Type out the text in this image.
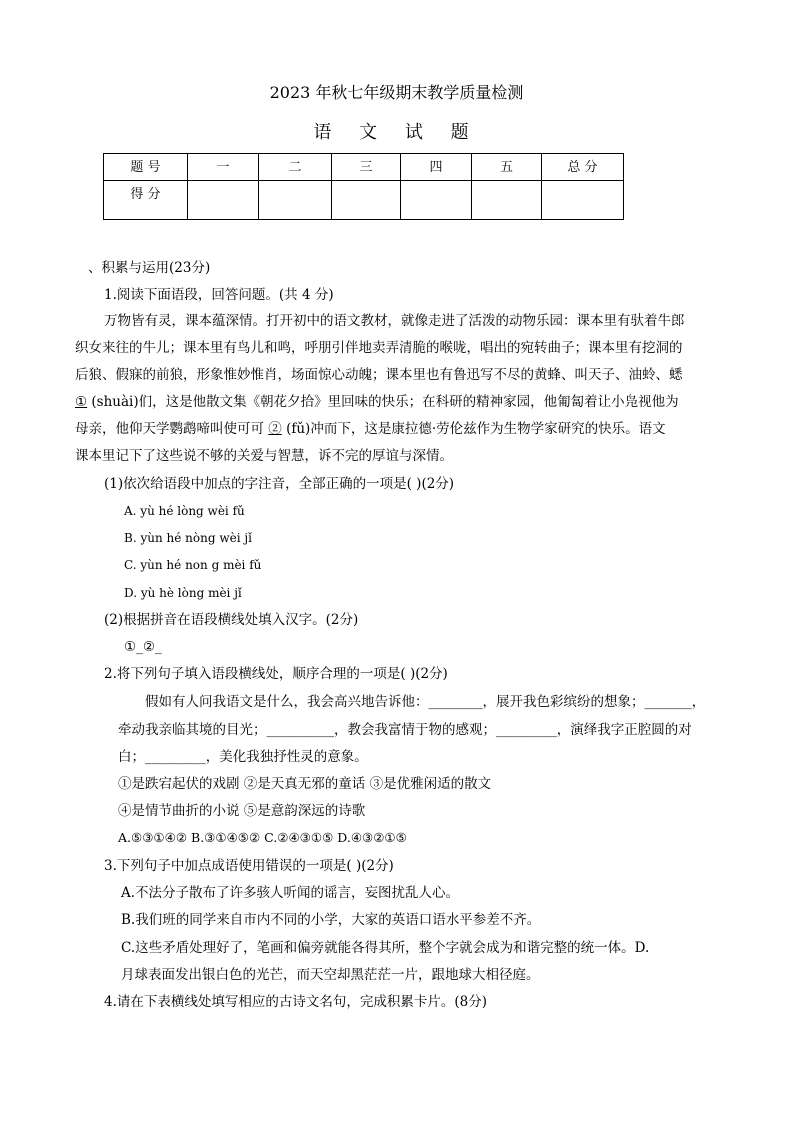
2023 年秋七年级期末教学质量检测
语 文 试 题
题 号	一	二	三	四	五	总 分
得 分						
、积累与运用(23分)
1.阅读下面语段，回答问题。(共 4 分)
万物皆有灵，课本蕴深情。打开初中的语文教材，就像走进了活泼的动物乐园：课本里有驮着牛郎
织女来往的牛儿；课本里有鸟儿和鸣，呼朋引伴地卖弄清脆的喉咙，唱出的宛转曲子；课本里有挖洞的
后狼、假寐的前狼，形象惟妙惟肖，场面惊心动魄；课本里也有鲁迅写不尽的黄蜂、叫天子、油蛉、蟋
① (shuài)们，这是他散文集《朝花夕拾》里回味的快乐；在科研的精神家园，他匍匐着让小凫视他为
母亲，他仰天学鹦鹉啼叫使可可 ② (fǔ)冲而下，这是康拉德·劳伦兹作为生物学家研究的快乐。语文
课本里记下了这些说不够的关爱与智慧，诉不完的厚谊与深情。
(1)依次给语段中加点的字注音，全部正确的一项是( )(2分)
A. yù hé lòng wèi fǔ
B. yùn hé nòng wèi jǐ
C. yùn hé non g mèi fǔ
D. yù hè lòng mèi jǐ
(2)根据拼音在语段横线处填入汉字。(2分)
①_②_
2.将下列句子填入语段横线处，顺序合理的一项是( )(2分)
假如有人问我语文是什么，我会高兴地告诉他：________，展开我色彩缤纷的想象；_______，
牵动我亲临其境的目光；__________，教会我富情于物的感观；_________，演绎我字正腔圆的对
白；_________，美化我独抒性灵的意象。
①是跌宕起伏的戏剧 ②是天真无邪的童话 ③是优雅闲适的散文
④是情节曲折的小说 ⑤是意韵深远的诗歌
A.⑤③①④② B.③①④⑤② C.②④③①⑤ D.④③②①⑤
3.下列句子中加点成语使用错误的一项是( )(2分)
A.不法分子散布了许多骇人听闻的谣言，妄图扰乱人心。
B.我们班的同学来自市内不同的小学，大家的英语口语水平参差不齐。
C.这些矛盾处理好了，笔画和偏旁就能各得其所，整个字就会成为和谐完整的统一体。D.
月球表面发出银白色的光芒，而天空却黑茫茫一片，跟地球大相径庭。
4.请在下表横线处填写相应的古诗文名句，完成积累卡片。(8分)
